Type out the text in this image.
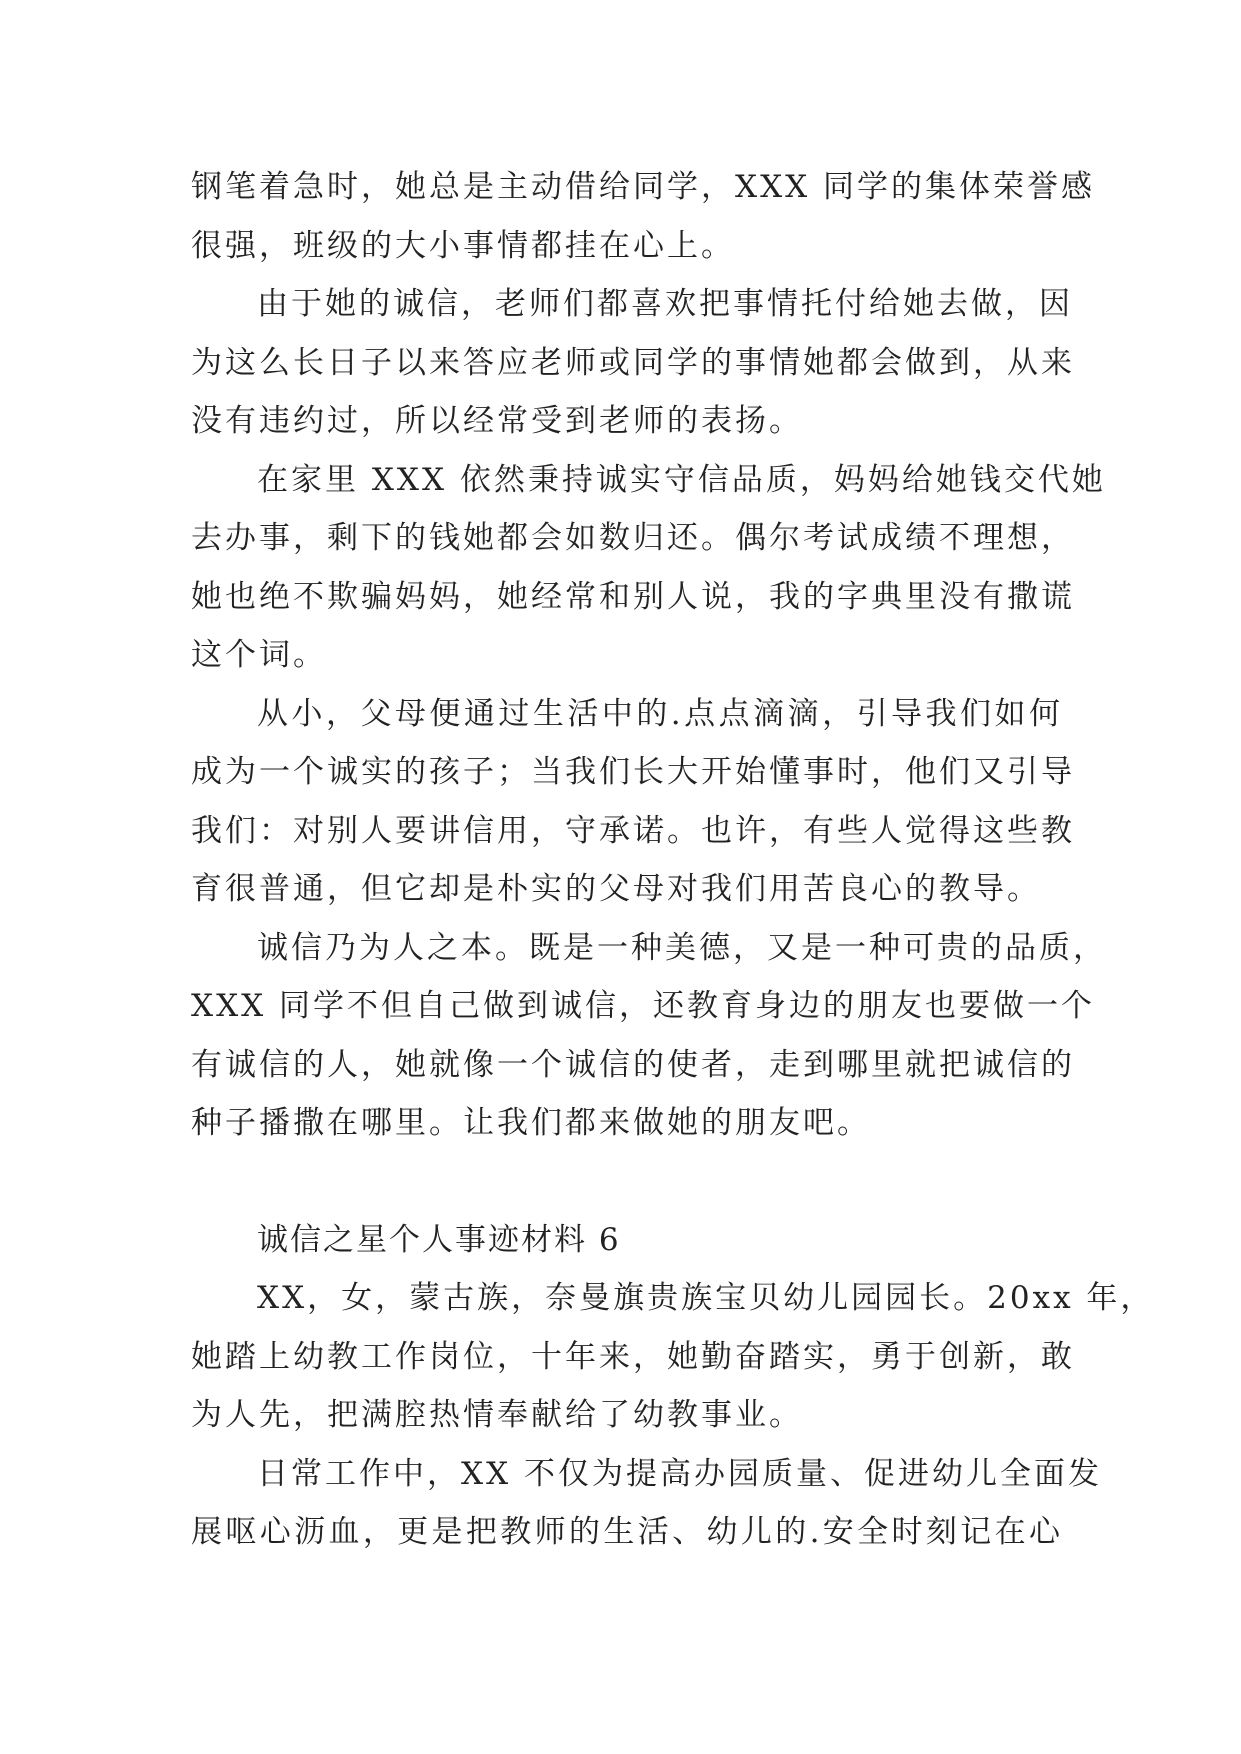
钢笔着急时，她总是主动借给同学，XXX 同学的集体荣誉感
很强，班级的大小事情都挂在心上。
由于她的诚信，老师们都喜欢把事情托付给她去做，因
为这么长日子以来答应老师或同学的事情她都会做到，从来
没有违约过，所以经常受到老师的表扬。
在家里 XXX 依然秉持诚实守信品质，妈妈给她钱交代她
去办事，剩下的钱她都会如数归还。偶尔考试成绩不理想，
她也绝不欺骗妈妈，她经常和别人说，我的字典里没有撒谎
这个词。
从小，父母便通过生活中的.点点滴滴，引导我们如何
成为一个诚实的孩子；当我们长大开始懂事时，他们又引导
我们：对别人要讲信用，守承诺。也许，有些人觉得这些教
育很普通，但它却是朴实的父母对我们用苦良心的教导。
诚信乃为人之本。既是一种美德，又是一种可贵的品质，
XXX 同学不但自己做到诚信，还教育身边的朋友也要做一个
有诚信的人，她就像一个诚信的使者，走到哪里就把诚信的
种子播撒在哪里。让我们都来做她的朋友吧。
诚信之星个人事迹材料 6
XX，女，蒙古族，奈曼旗贵族宝贝幼儿园园长。20xx 年，
她踏上幼教工作岗位，十年来，她勤奋踏实，勇于创新，敢
为人先，把满腔热情奉献给了幼教事业。
日常工作中，XX 不仅为提高办园质量、促进幼儿全面发
展呕心沥血，更是把教师的生活、幼儿的.安全时刻记在心
